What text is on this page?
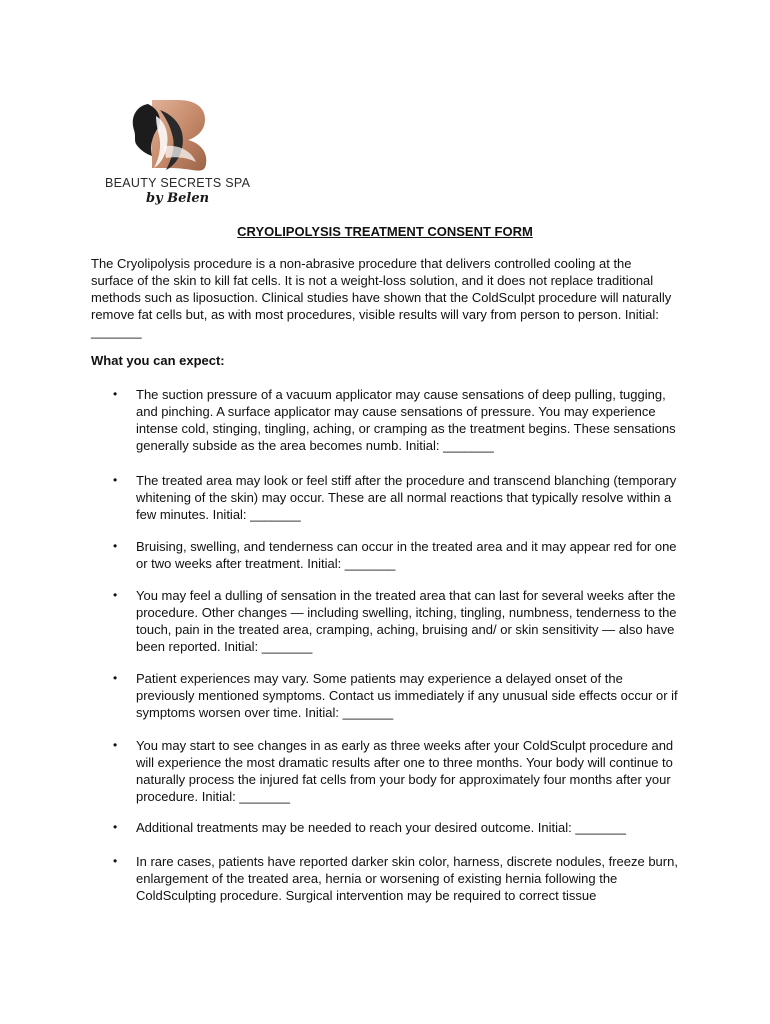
BEAUTY SECRETS SPA
by Belen
CRYOLIPOLYSIS TREATMENT CONSENT FORM

The Cryolipolysis procedure is a non-abrasive procedure that delivers controlled cooling at the surface of the skin to kill fat cells. It is not a weight-loss solution, and it does not replace traditional methods such as liposuction. Clinical studies have shown that the ColdSculpt procedure will naturally remove fat cells but, as with most procedures, visible results will vary from person to person. Initial: _______

What you can expect:

• The suction pressure of a vacuum applicator may cause sensations of deep pulling, tugging, and pinching. A surface applicator may cause sensations of pressure. You may experience intense cold, stinging, tingling, aching, or cramping as the treatment begins. These sensations generally subside as the area becomes numb. Initial: _______
• The treated area may look or feel stiff after the procedure and transcend blanching (temporary whitening of the skin) may occur. These are all normal reactions that typically resolve within a few minutes. Initial: _______
• Bruising, swelling, and tenderness can occur in the treated area and it may appear red for one or two weeks after treatment. Initial: _______
• You may feel a dulling of sensation in the treated area that can last for several weeks after the procedure. Other changes — including swelling, itching, tingling, numbness, tenderness to the touch, pain in the treated area, cramping, aching, bruising and/ or skin sensitivity — also have been reported. Initial: _______
• Patient experiences may vary. Some patients may experience a delayed onset of the previously mentioned symptoms. Contact us immediately if any unusual side effects occur or if symptoms worsen over time. Initial: _______
• You may start to see changes in as early as three weeks after your ColdSculpt procedure and will experience the most dramatic results after one to three months. Your body will continue to naturally process the injured fat cells from your body for approximately four months after your procedure. Initial: _______
• Additional treatments may be needed to reach your desired outcome. Initial: _______
• In rare cases, patients have reported darker skin color, harness, discrete nodules, freeze burn, enlargement of the treated area, hernia or worsening of existing hernia following the ColdSculpting procedure. Surgical intervention may be required to correct tissue
